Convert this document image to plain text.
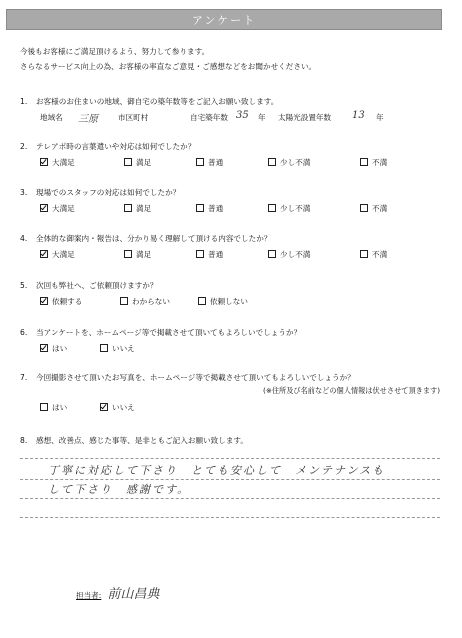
アンケート
今後もお客様にご満足頂けるよう、努力して参ります。
さらなるサービス向上の為、お客様の率直なご意見・ご感想などをお聞かせください。
1. お客様のお住まいの地域、御自宅の築年数等をご記入お願い致します。
地域名 三原	市区町村	自宅築年数 35 年 太陽光設置年数 13 年
2. テレアポ時の言葉遣いや対応は如何でしたか？
大満足	満足	普通	少し不満	不満
3. 現場でのスタッフの対応は如何でしたか？
大満足	満足	普通	少し不満	不満
4. 全体的な御案内・報告は、分かり易く理解して頂ける内容でしたか？
大満足	満足	普通	少し不満	不満
5. 次回も弊社へ、ご依頼頂けますか？
依頼する	わからない	依頼しない
6. 当アンケートを、ホームページ等で掲載させて頂いてもよろしいでしょうか？
はい	いいえ
7. 今回撮影させて頂いたお写真を、ホームページ等で掲載させて頂いてもよろしいでしょうか？
(※住所及び名前などの個人情報は伏せさせて頂きます)
はい	いいえ
8. 感想、改善点、感じた事等、是非ともご記入お願い致します。
丁寧に対応して下さり　とても安心して　メンテナンスも
して下さり　感謝です。
担当者: 前山昌典
